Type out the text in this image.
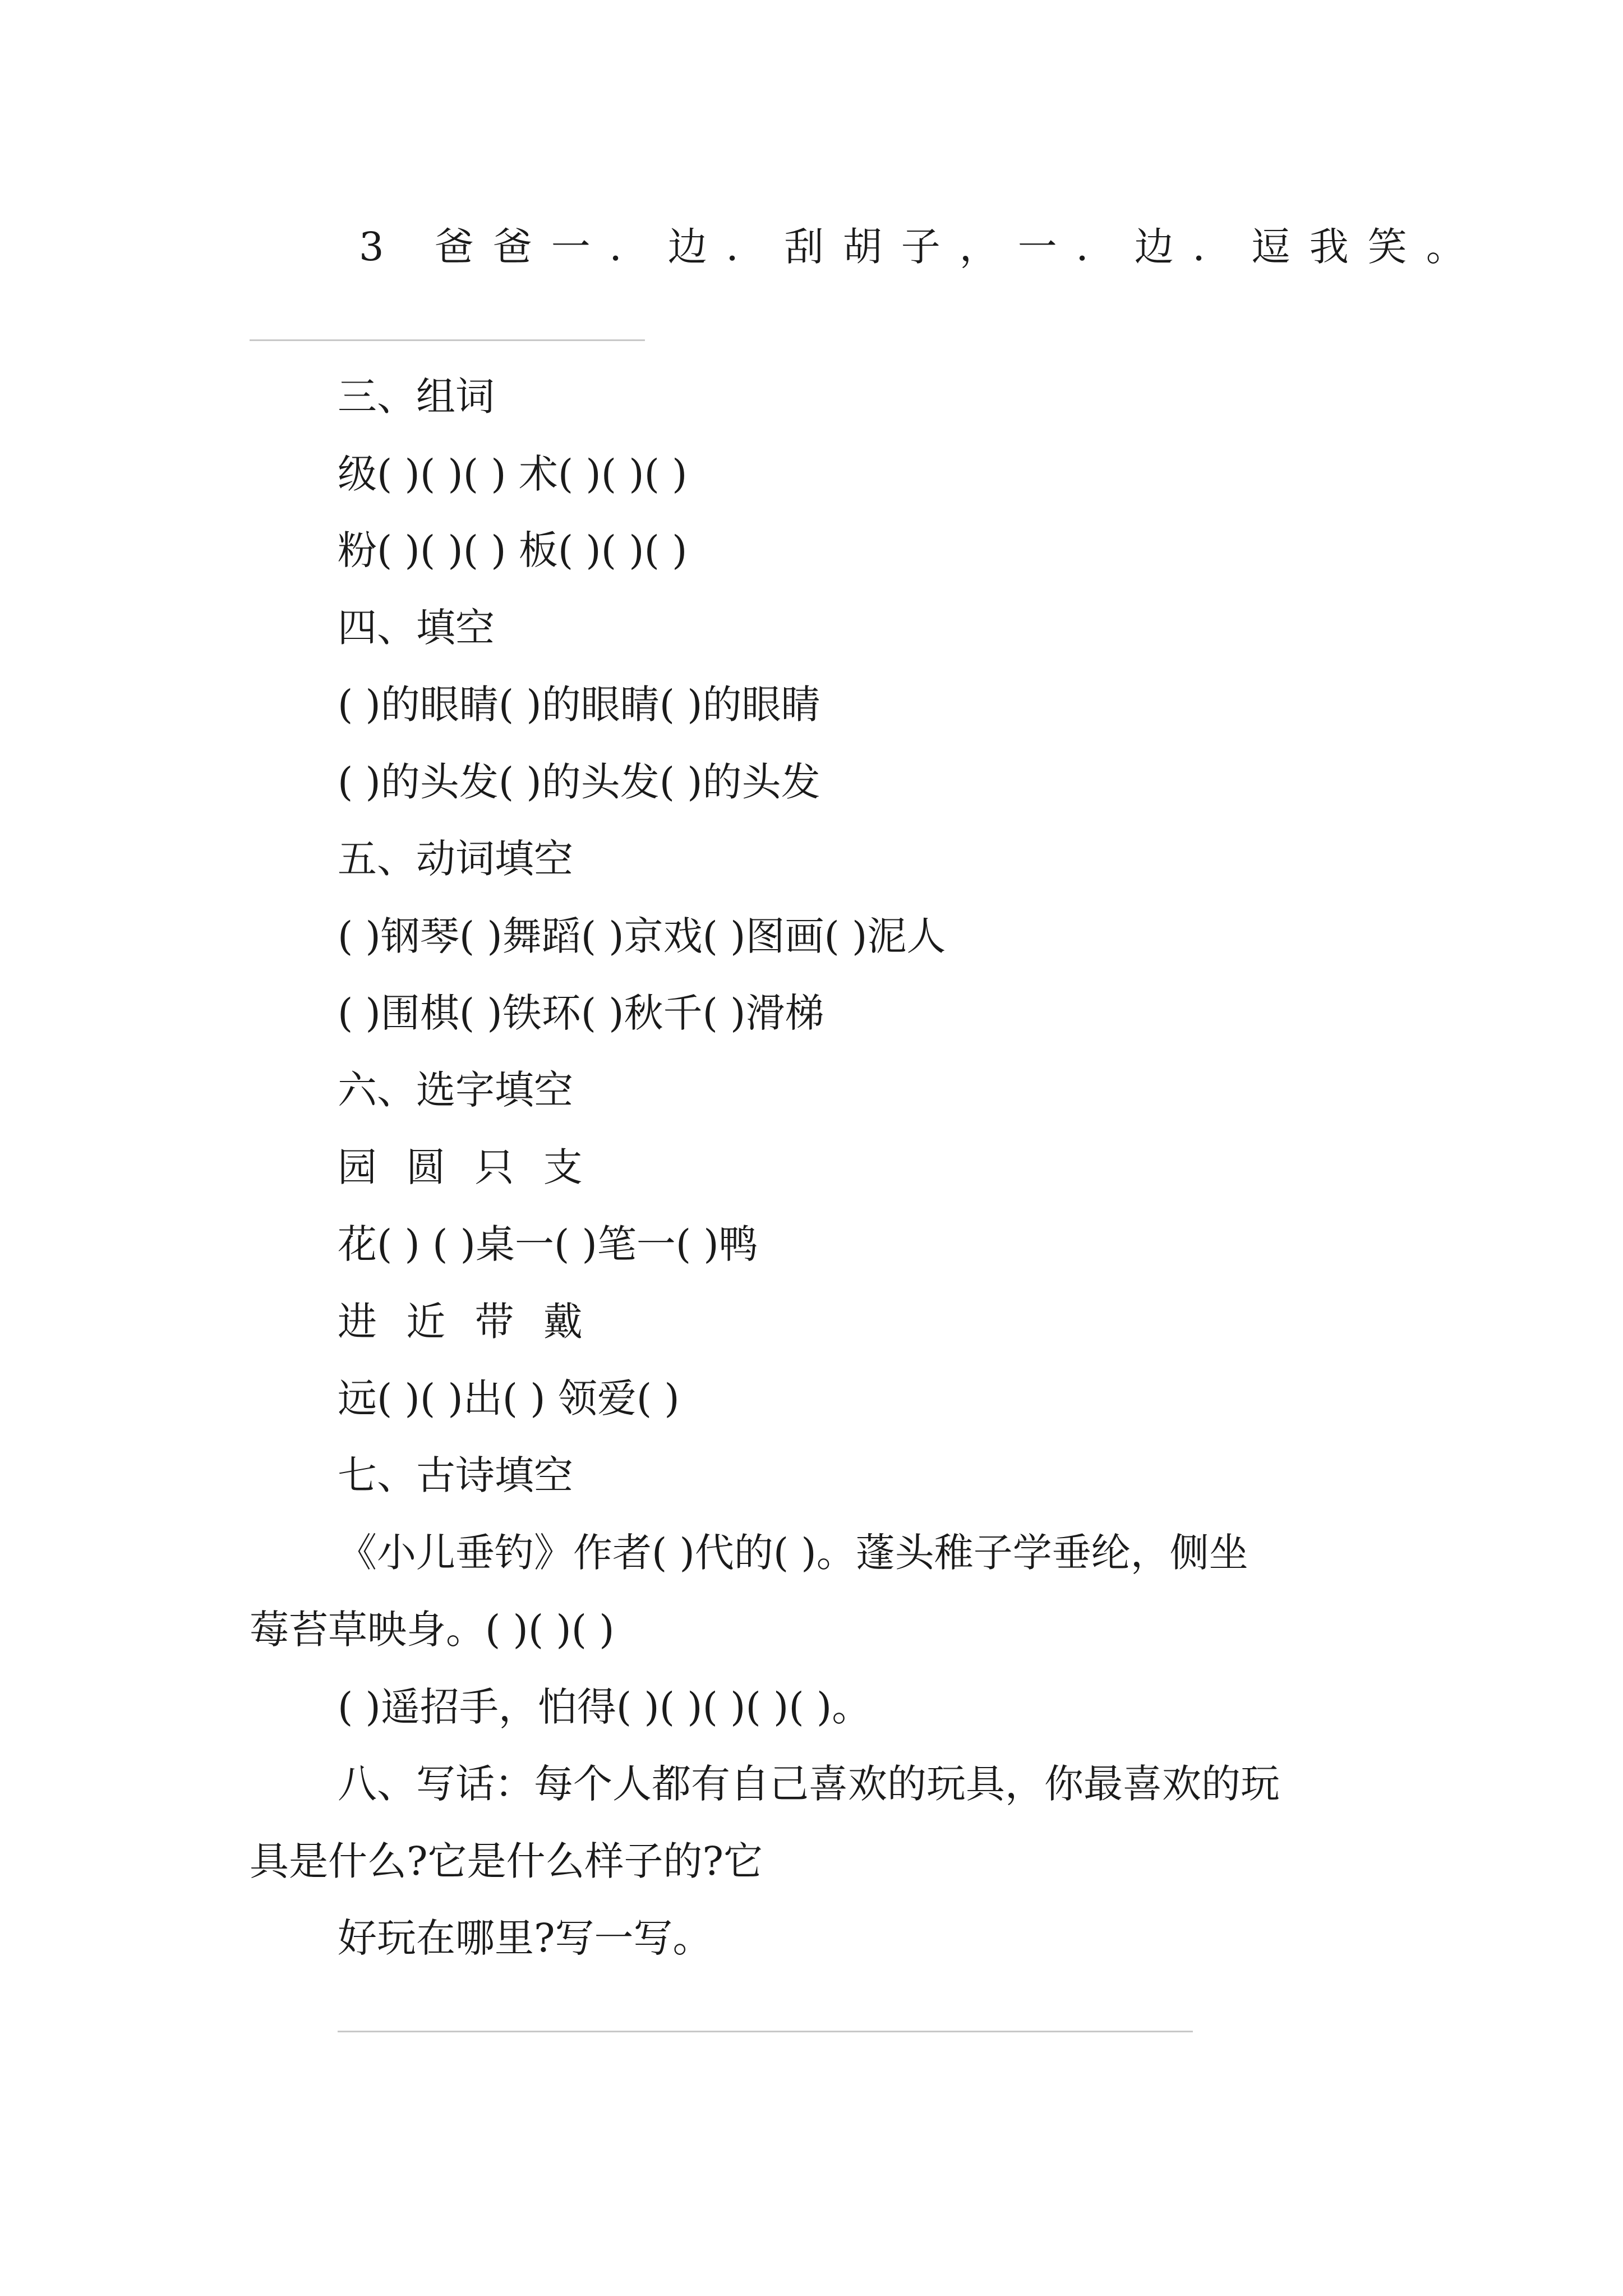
3 爸爸一．边．刮胡子，一．边．逗我笑。
三、组词
级( )( )( ) 术( )( )( )
粉( )( )( ) 板( )( )( )
四、填空
( )的眼睛( )的眼睛( )的眼睛
( )的头发( )的头发( )的头发
五、动词填空
( )钢琴( )舞蹈( )京戏( )图画( )泥人
( )围棋( )铁环( )秋千( )滑梯
六、选字填空
园 圆 只 支
花( ) ( )桌一( )笔一( )鸭
进 近 带 戴
远( )( )出( ) 领爱( )
七、古诗填空
《小儿垂钓》作者( )代的( )。蓬头稚子学垂纶，侧坐
莓苔草映身。( )( )( )
( )遥招手，怕得( )( )( )( )( )。
八、写话：每个人都有自己喜欢的玩具，你最喜欢的玩
具是什么?它是什么样子的?它
好玩在哪里?写一写。
